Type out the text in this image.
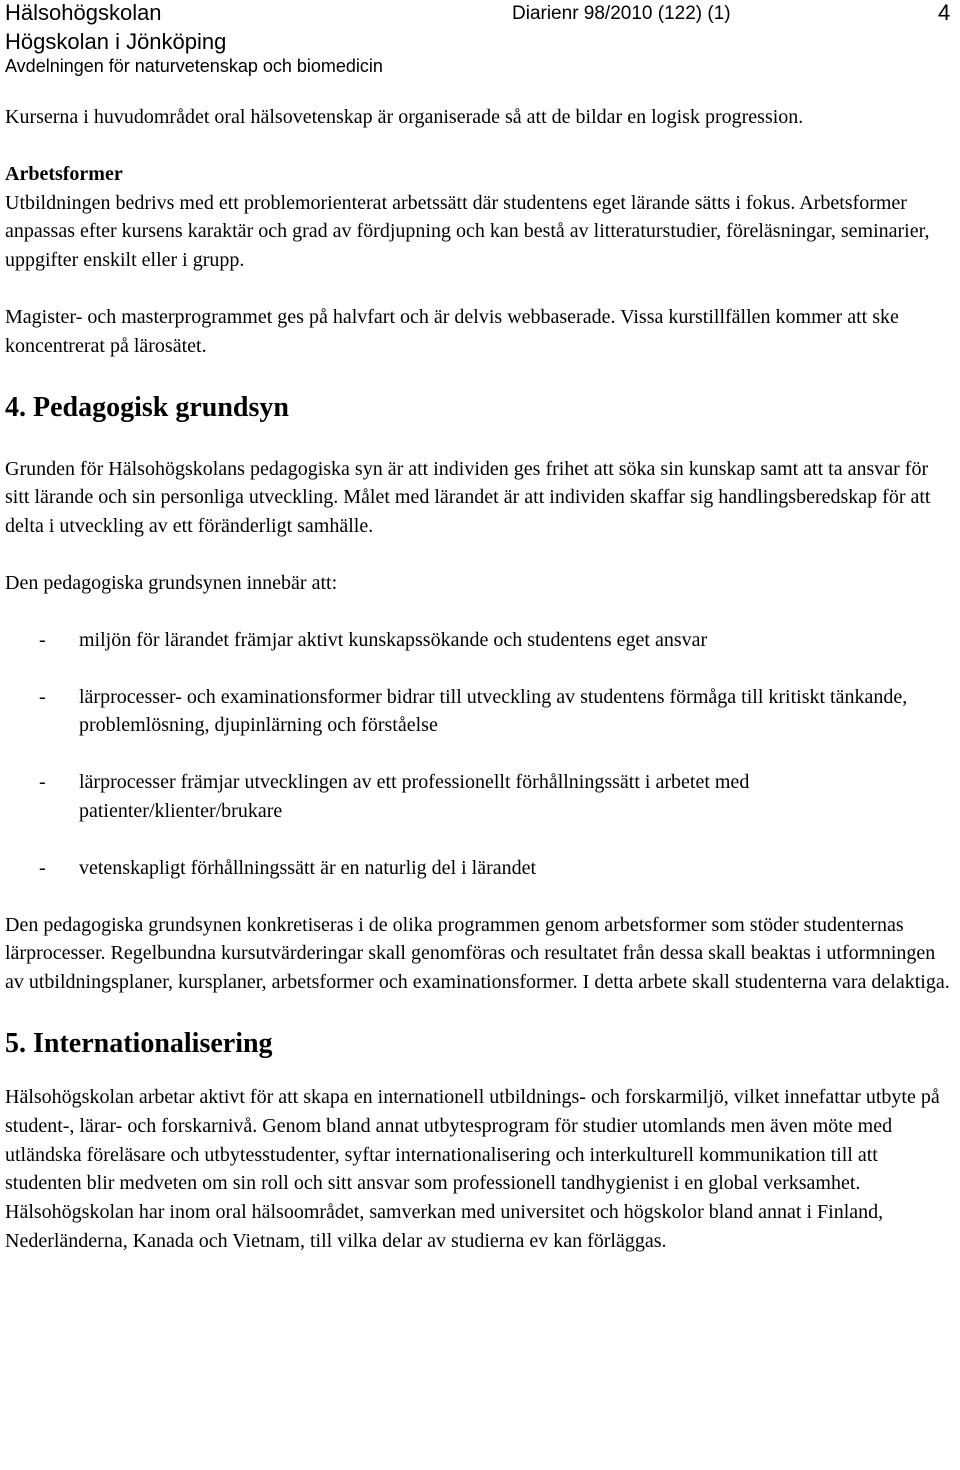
Hälsohögskolan
Högskolan i Jönköping
Avdelningen för naturvetenskap och biomedicin
Diarienr 98/2010 (122) (1)	4

Kurserna i huvudområdet oral hälsovetenskap är organiserade så att de bildar en logisk progression.

Arbetsformer

Utbildningen bedrivs med ett problemorienterat arbetssätt där studentens eget lärande sätts i fokus. Arbetsformer anpassas efter kursens karaktär och grad av fördjupning och kan bestå av litteraturstudier, föreläsningar, seminarier, uppgifter enskilt eller i grupp.

Magister- och masterprogrammet ges på halvfart och är delvis webbaserade. Vissa kurstillfällen kommer att ske koncentrerat på lärosätet.

4. Pedagogisk grundsyn

Grunden för Hälsohögskolans pedagogiska syn är att individen ges frihet att söka sin kunskap samt att ta ansvar för sitt lärande och sin personliga utveckling. Målet med lärandet är att individen skaffar sig handlingsberedskap för att delta i utveckling av ett föränderligt samhälle.

Den pedagogiska grundsynen innebär att:

- miljön för lärandet främjar aktivt kunskapssökande och studentens eget ansvar
- lärprocesser- och examinationsformer bidrar till utveckling av studentens förmåga till kritiskt tänkande, problemlösning, djupinlärning och förståelse
- lärprocesser främjar utvecklingen av ett professionellt förhållningssätt i arbetet med patienter/klienter/brukare
- vetenskapligt förhållningssätt är en naturlig del i lärandet

Den pedagogiska grundsynen konkretiseras i de olika programmen genom arbetsformer som stöder studenternas lärprocesser. Regelbundna kursutvärderingar skall genomföras och resultatet från dessa skall beaktas i utformningen av utbildningsplaner, kursplaner, arbetsformer och examinationsformer. I detta arbete skall studenterna vara delaktiga.

5. Internationalisering

Hälsohögskolan arbetar aktivt för att skapa en internationell utbildnings- och forskarmiljö, vilket innefattar utbyte på student-, lärar- och forskarnivå. Genom bland annat utbytesprogram för studier utomlands men även möte med utländska föreläsare och utbytesstudenter, syftar internationalisering och interkulturell kommunikation till att studenten blir medveten om sin roll och sitt ansvar som professionell tandhygienist i en global verksamhet. Hälsohögskolan har inom oral hälsoområdet, samverkan med universitet och högskolor bland annat i Finland, Nederländerna, Kanada och Vietnam, till vilka delar av studierna ev kan förläggas.
